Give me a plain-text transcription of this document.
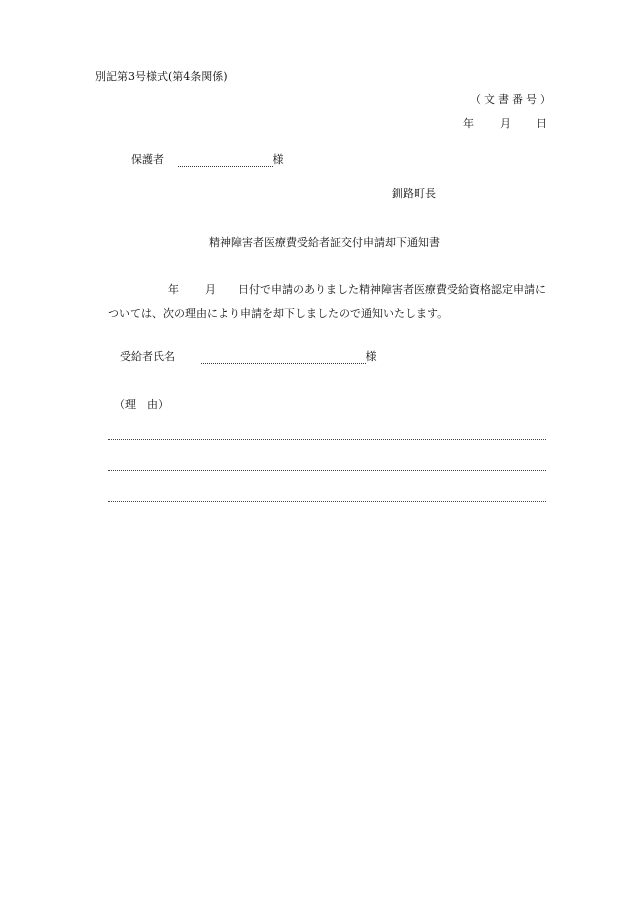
別記第3号様式(第4条関係)
（文書番号）
年 月 日
保護者	様
釧路町長
精神障害者医療費受給者証交付申請却下通知書
年 月 日付で申請のありました精神障害者医療費受給資格認定申請に
ついては、次の理由により申請を却下しましたので通知いたします。
受給者氏名	様
（理　由）
